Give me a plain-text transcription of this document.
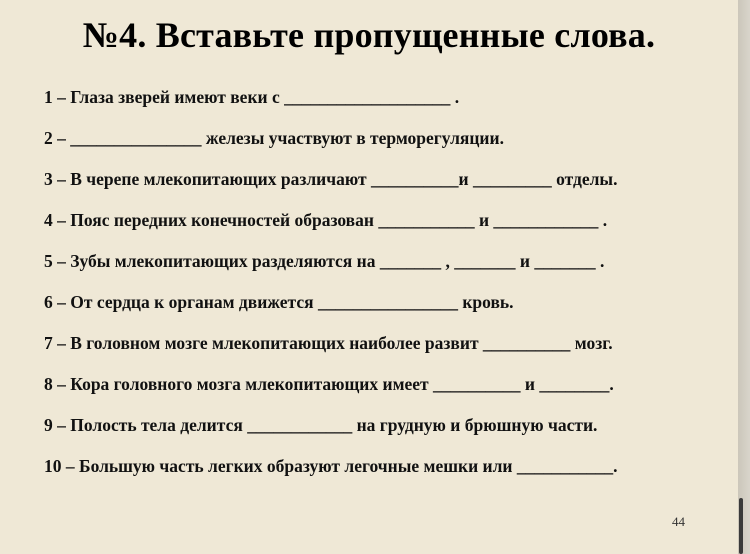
№4. Вставьте пропущенные слова.
1 – Глаза зверей имеют веки с ___________________ .
2 – _______________ железы участвуют в терморегуляции.
3 – В черепе млекопитающих различают __________и _________ отделы.
4 – Пояс передних конечностей образован ___________ и ____________ .
5 – Зубы млекопитающих разделяются на _______ , _______ и _______ .
6 – От сердца к органам движется ________________ кровь.
7 – В головном мозге млекопитающих наиболее развит __________ мозг.
8 – Кора головного мозга млекопитающих имеет __________ и ________.
9 – Полость тела делится ____________ на грудную и брюшную части.
10 – Большую часть легких образуют легочные мешки или ___________.
44
